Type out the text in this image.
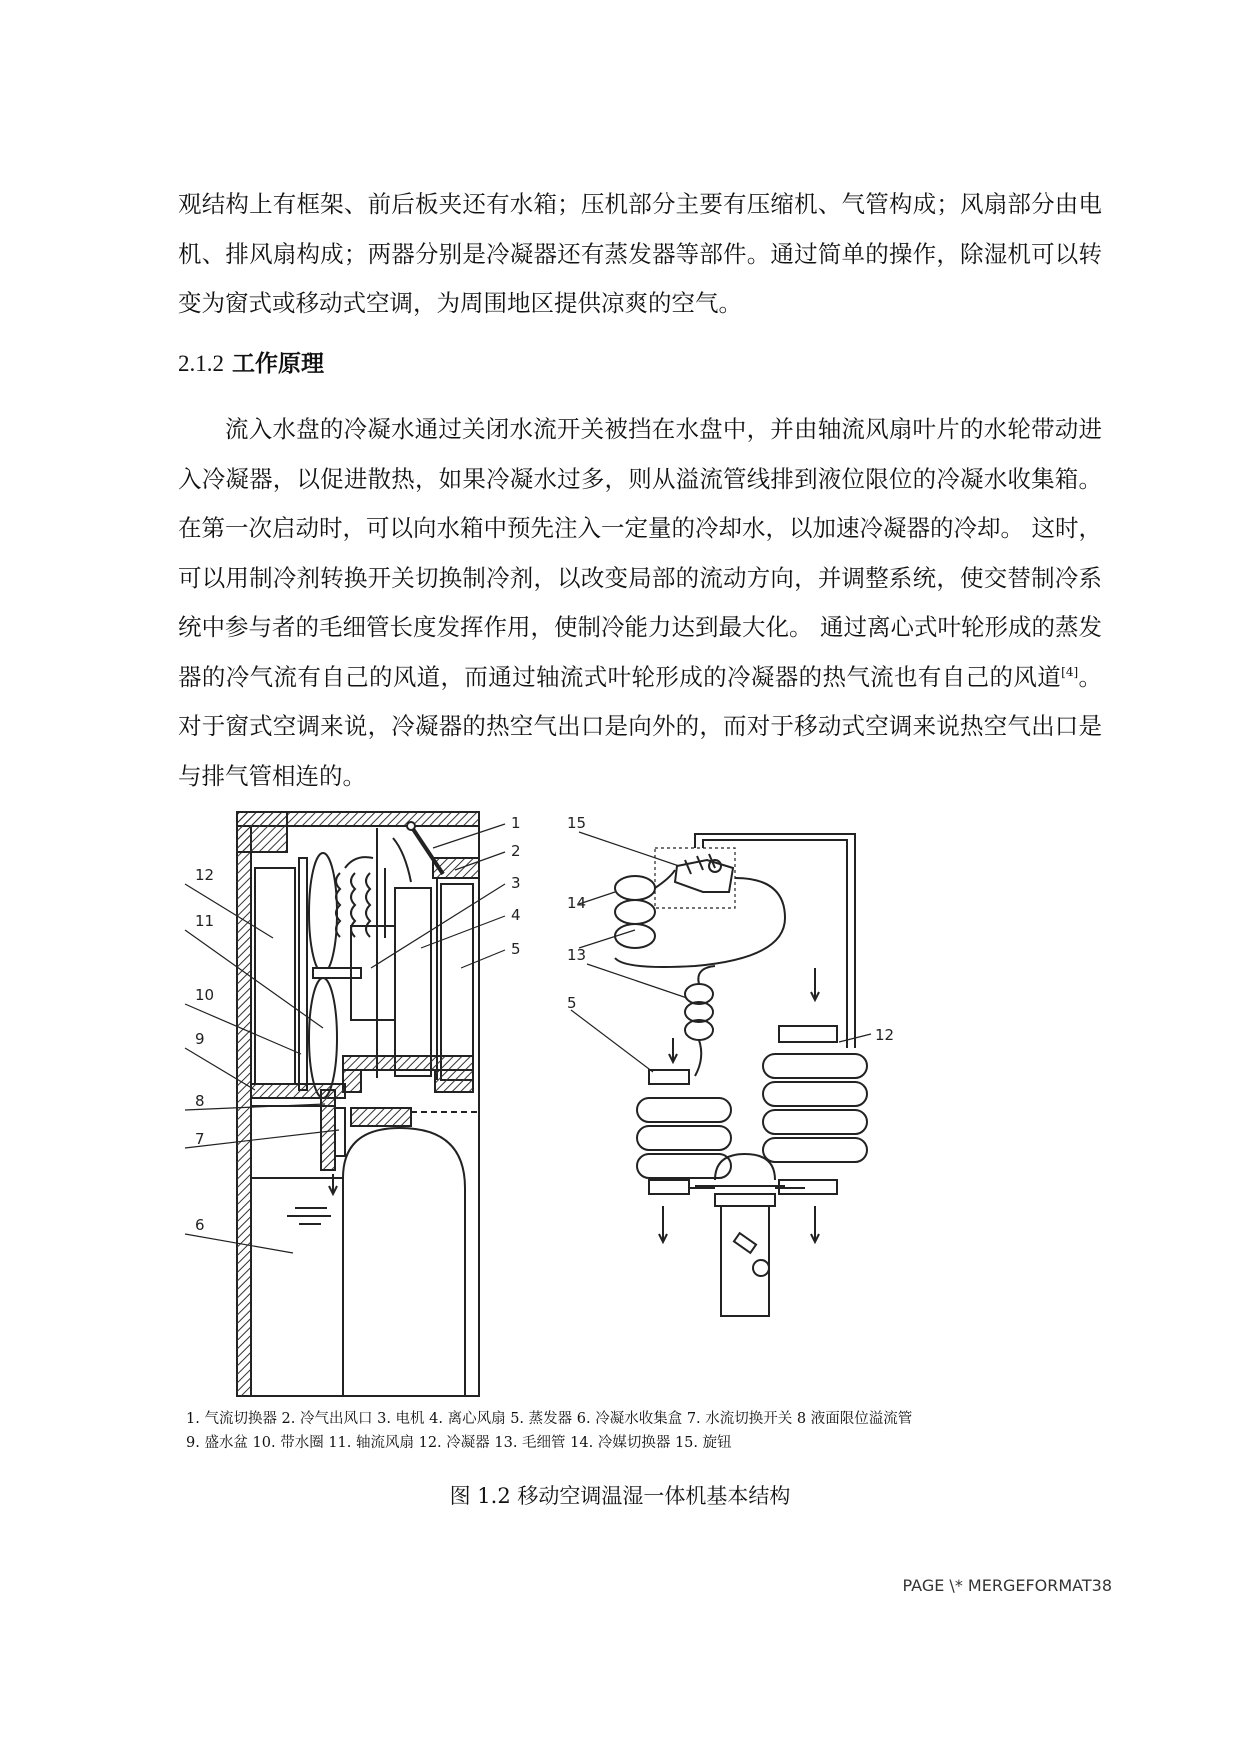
观结构上有框架、前后板夹还有水箱；压机部分主要有压缩机、气管构成；风扇部分由电机、排风扇构成；两器分别是冷凝器还有蒸发器等部件。通过简单的操作，除湿机可以转变为窗式或移动式空调，为周围地区提供凉爽的空气。

2.1.2 工作原理

流入水盘的冷凝水通过关闭水流开关被挡在水盘中，并由轴流风扇叶片的水轮带动进入冷凝器，以促进散热，如果冷凝水过多，则从溢流管线排到液位限位的冷凝水收集箱。 在第一次启动时，可以向水箱中预先注入一定量的冷却水，以加速冷凝器的冷却。 这时，可以用制冷剂转换开关切换制冷剂，以改变局部的流动方向，并调整系统，使交替制冷系统中参与者的毛细管长度发挥作用，使制冷能力达到最大化。 通过离心式叶轮形成的蒸发器的冷气流有自己的风道，而通过轴流式叶轮形成的冷凝器的热气流也有自己的风道[4]。 对于窗式空调来说，冷凝器的热空气出口是向外的，而对于移动式空调来说热空气出口是与排气管相连的。

1
2
3
4
5
12
11
10
9
8
7
6
15
14
13
5
12
1. 气流切换器 2. 冷气出风口 3. 电机 4. 离心风扇 5. 蒸发器 6. 冷凝水收集盒 7. 水流切换开关 8 液面限位溢流管
9. 盛水盆 10. 带水圈 11. 轴流风扇 12. 冷凝器 13. 毛细管 14. 冷媒切换器 15. 旋钮
图 1.2 移动空调温湿一体机基本结构
PAGE \* MERGEFORMAT38
